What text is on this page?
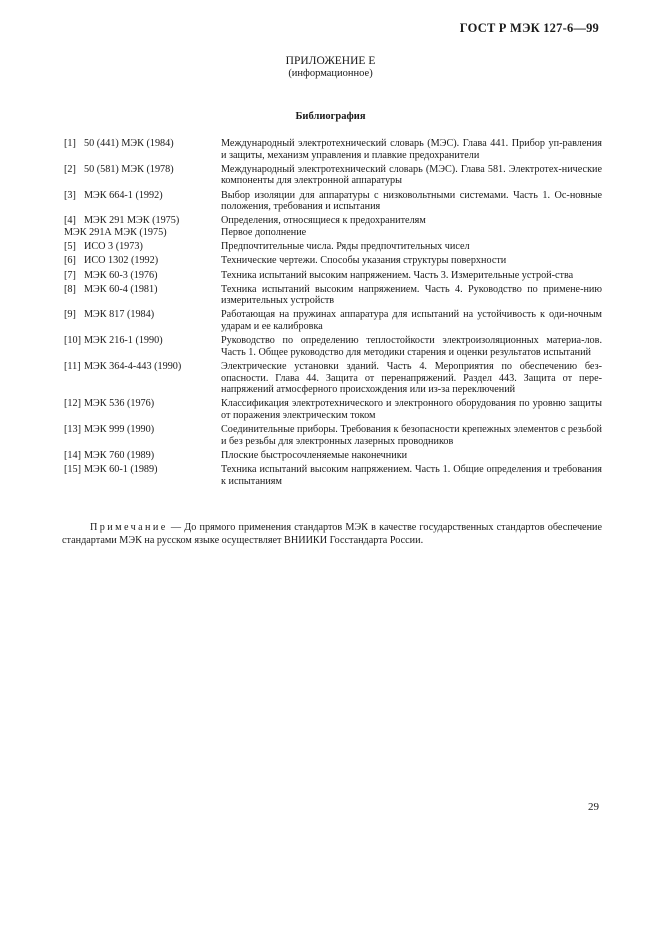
ГОСТ Р МЭК 127-6—99
ПРИЛОЖЕНИЕ Е
(информационное)
Библиография
[1] 50 (441) МЭК (1984)	Международный электротехнический словарь (МЭС). Глава 441. Прибор уп-равления и защиты, механизм управления и плавкие предохранители
[2] 50 (581) МЭК (1978)	Международный электротехнический словарь (МЭС). Глава 581. Электротех-нические компоненты для электронной аппаратуры
[3] МЭК 664-1 (1992)	Выбор изоляции для аппаратуры с низковольтными системами. Часть 1. Ос-новные положения, требования и испытания
[4] МЭК 291 МЭК (1975)	Определения, относящиеся к предохранителям
МЭК 291А МЭК (1975)	Первое дополнение
[5] ИСО 3 (1973)	Предпочтительные числа. Ряды предпочтительных чисел
[6] ИСО 1302 (1992)	Технические чертежи. Способы указания структуры поверхности
[7] МЭК 60-3 (1976)	Техника испытаний высоким напряжением. Часть 3. Измерительные устрой-ства
[8] МЭК 60-4 (1981)	Техника испытаний высоким напряжением. Часть 4. Руководство по примене-нию измерительных устройств
[9] МЭК 817 (1984)	Работающая на пружинах аппаратура для испытаний на устойчивость к оди-ночным ударам и ее калибровка
[10] МЭК 216-1 (1990)	Руководство по определению теплостойкости электроизоляционных материа-лов. Часть 1. Общее руководство для методики старения и оценки результатов испытаний
[11] МЭК 364-4-443 (1990)	Электрические установки зданий. Часть 4. Мероприятия по обеспечению без-опасности. Глава 44. Защита от перенапряжений. Раздел 443. Защита от пере-напряжений атмосферного происхождения или из-за переключений
[12] МЭК 536 (1976)	Классификация электротехнического и электронного оборудования по уровню защиты от поражения электрическим током
[13] МЭК 999 (1990)	Соединительные приборы. Требования к безопасности крепежных элементов с резьбой и без резьбы для электронных лазерных проводников
[14] МЭК 760 (1989)	Плоские быстросочленяемые наконечники
[15] МЭК 60-1 (1989)	Техника испытаний высоким напряжением. Часть 1. Общие определения и требования к испытаниям
Примечание — До прямого применения стандартов МЭК в качестве государственных стандартов обеспечение стандартами МЭК на русском языке осуществляет ВНИИКИ Госстандарта России.
29
